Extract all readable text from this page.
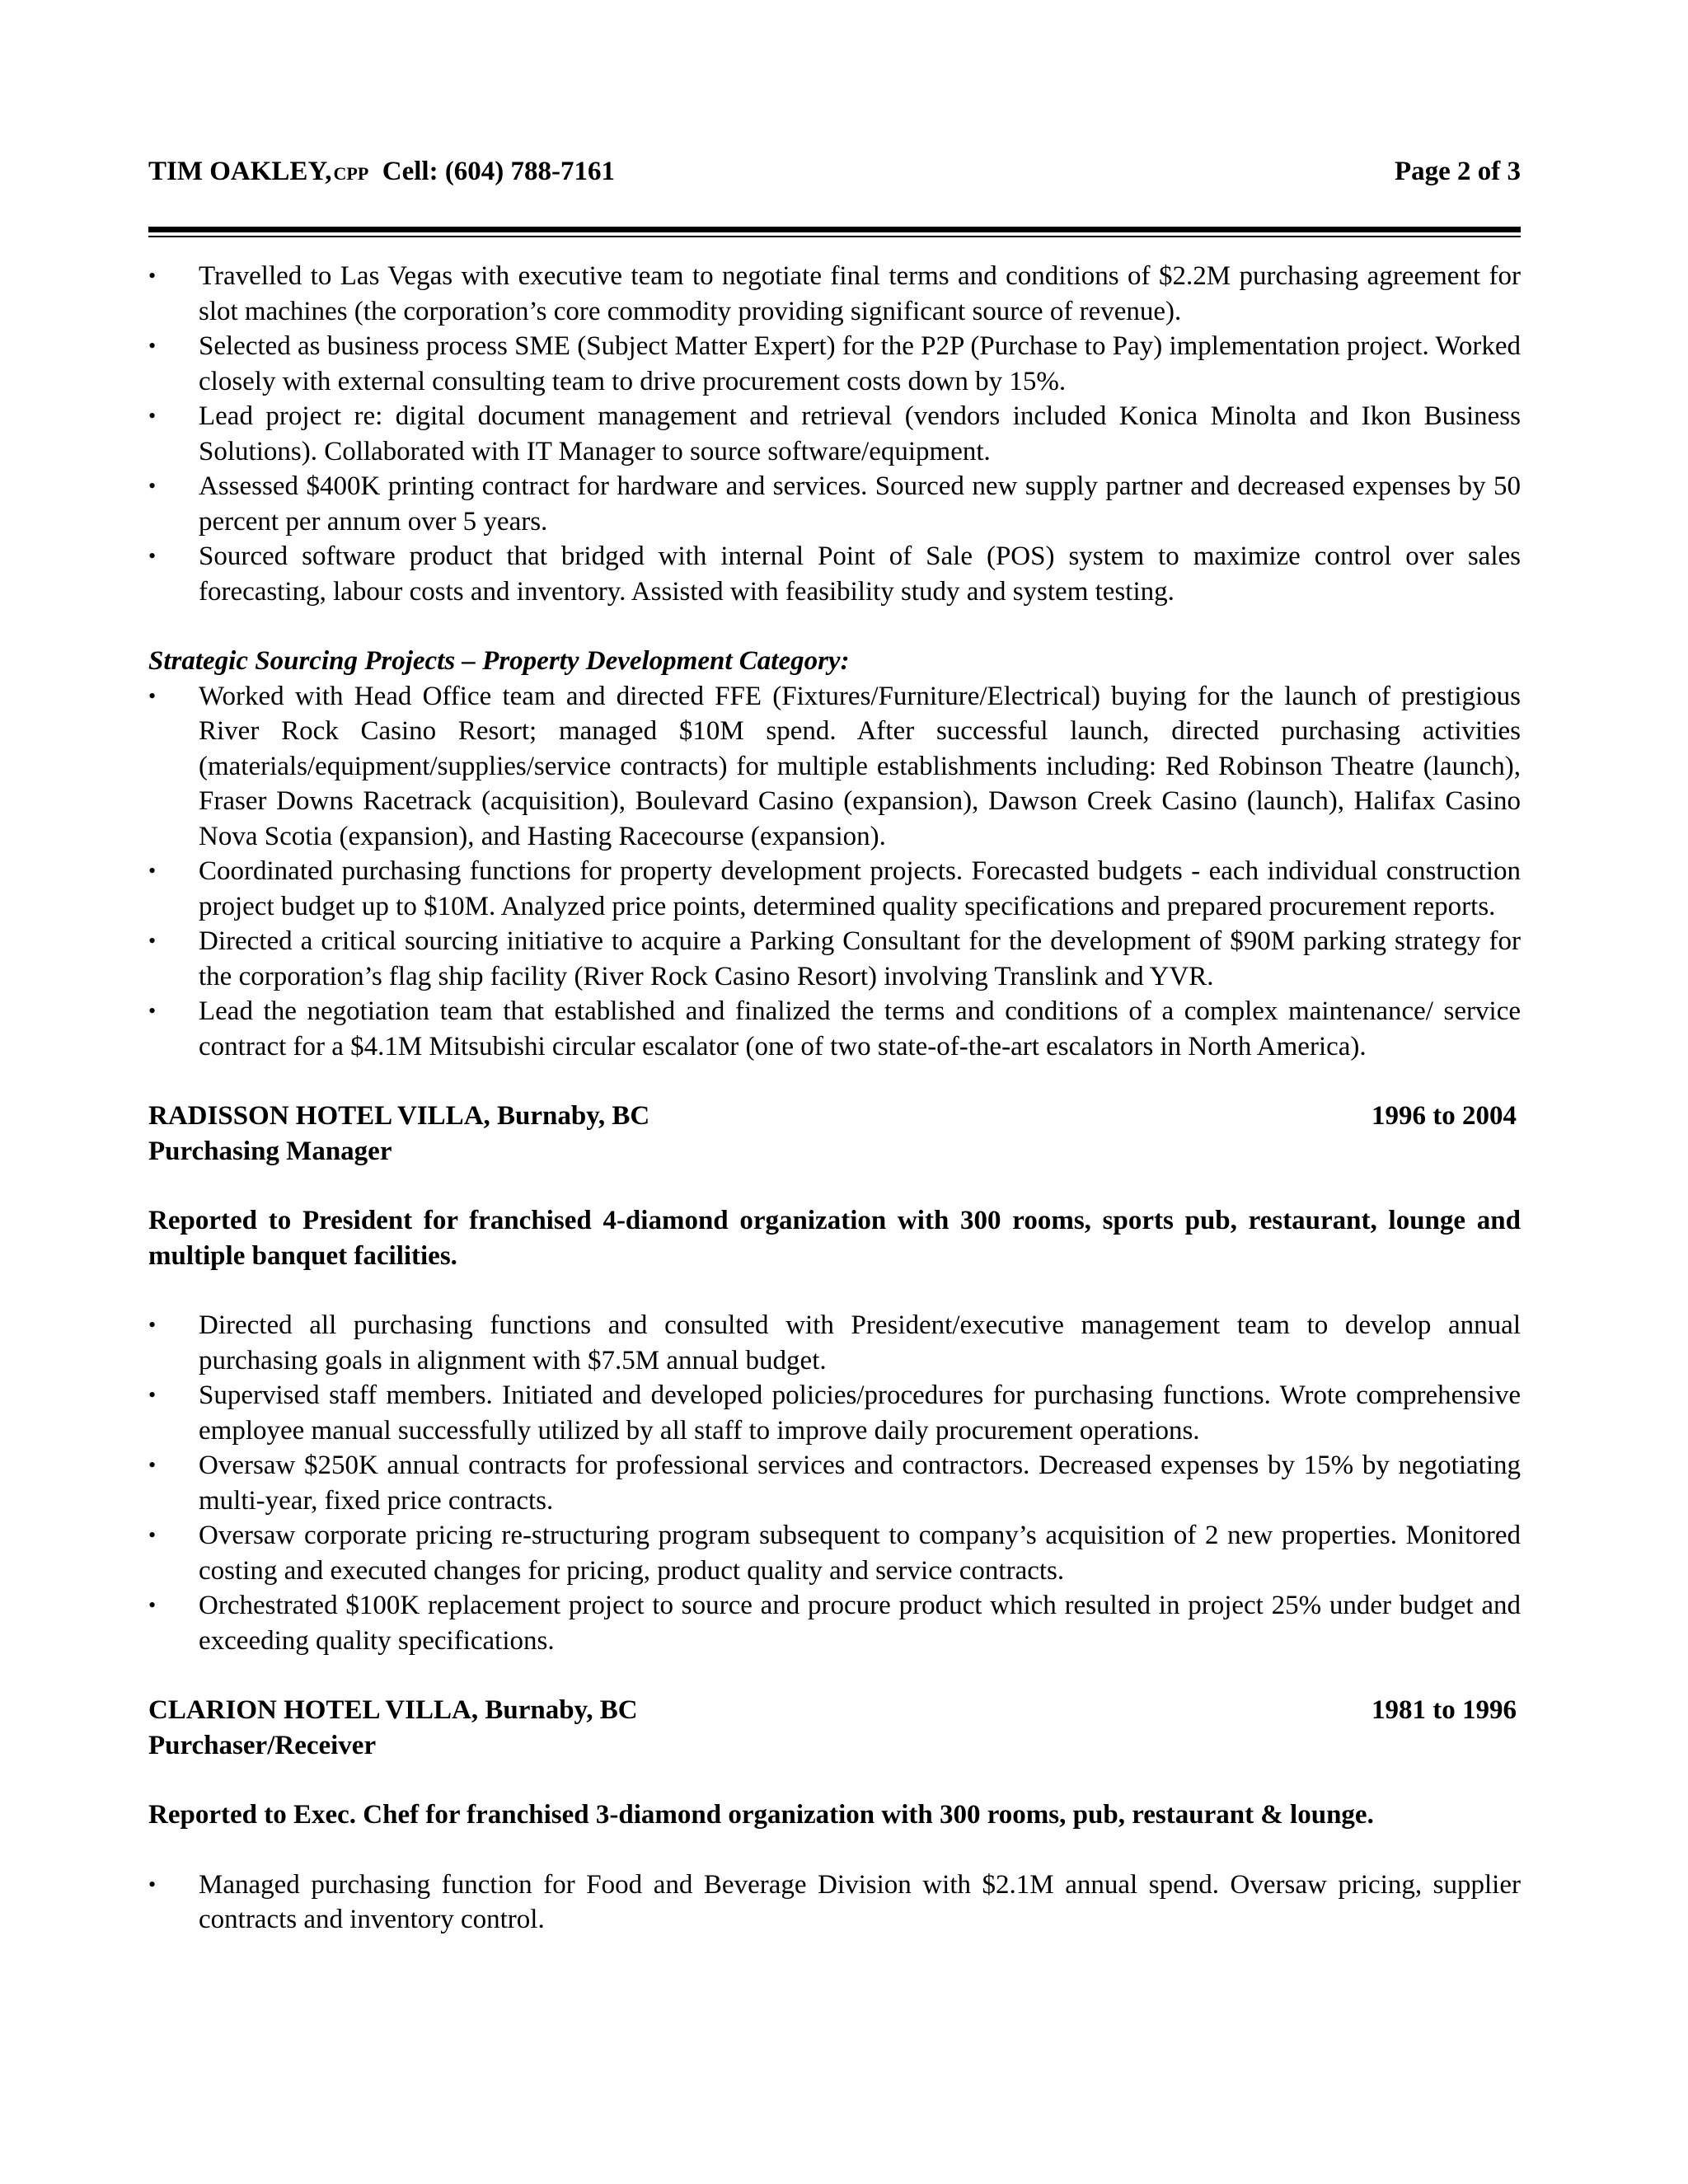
TIM OAKLEY,CPP Cell: (604) 788-7161	Page 2 of 3
• Travelled to Las Vegas with executive team to negotiate final terms and conditions of $2.2M purchasing agreement for slot machines (the corporation’s core commodity providing significant source of revenue).
• Selected as business process SME (Subject Matter Expert) for the P2P (Purchase to Pay) implementation project. Worked closely with external consulting team to drive procurement costs down by 15%.
• Lead project re: digital document management and retrieval (vendors included Konica Minolta and Ikon Business Solutions). Collaborated with IT Manager to source software/equipment.
• Assessed $400K printing contract for hardware and services. Sourced new supply partner and decreased expenses by 50 percent per annum over 5 years.
• Sourced software product that bridged with internal Point of Sale (POS) system to maximize control over sales forecasting, labour costs and inventory. Assisted with feasibility study and system testing.
Strategic Sourcing Projects – Property Development Category:
• Worked with Head Office team and directed FFE (Fixtures/Furniture/Electrical) buying for the launch of prestigious River Rock Casino Resort; managed $10M spend. After successful launch, directed purchasing activities (materials/equipment/supplies/service contracts) for multiple establishments including: Red Robinson Theatre (launch), Fraser Downs Racetrack (acquisition), Boulevard Casino (expansion), Dawson Creek Casino (launch), Halifax Casino Nova Scotia (expansion), and Hasting Racecourse (expansion).
• Coordinated purchasing functions for property development projects. Forecasted budgets - each individual construction project budget up to $10M. Analyzed price points, determined quality specifications and prepared procurement reports.
• Directed a critical sourcing initiative to acquire a Parking Consultant for the development of $90M parking strategy for the corporation’s flag ship facility (River Rock Casino Resort) involving Translink and YVR.
• Lead the negotiation team that established and finalized the terms and conditions of a complex maintenance/ service contract for a $4.1M Mitsubishi circular escalator (one of two state-of-the-art escalators in North America).
RADISSON HOTEL VILLA, Burnaby, BC	1996 to 2004
Purchasing Manager
Reported to President for franchised 4-diamond organization with 300 rooms, sports pub, restaurant, lounge and multiple banquet facilities.
• Directed all purchasing functions and consulted with President/executive management team to develop annual purchasing goals in alignment with $7.5M annual budget.
• Supervised staff members. Initiated and developed policies/procedures for purchasing functions. Wrote comprehensive employee manual successfully utilized by all staff to improve daily procurement operations.
• Oversaw $250K annual contracts for professional services and contractors. Decreased expenses by 15% by negotiating multi-year, fixed price contracts.
• Oversaw corporate pricing re-structuring program subsequent to company’s acquisition of 2 new properties. Monitored costing and executed changes for pricing, product quality and service contracts.
• Orchestrated $100K replacement project to source and procure product which resulted in project 25% under budget and exceeding quality specifications.
CLARION HOTEL VILLA, Burnaby, BC	1981 to 1996
Purchaser/Receiver
Reported to Exec. Chef for franchised 3-diamond organization with 300 rooms, pub, restaurant & lounge.
• Managed purchasing function for Food and Beverage Division with $2.1M annual spend. Oversaw pricing, supplier contracts and inventory control.
